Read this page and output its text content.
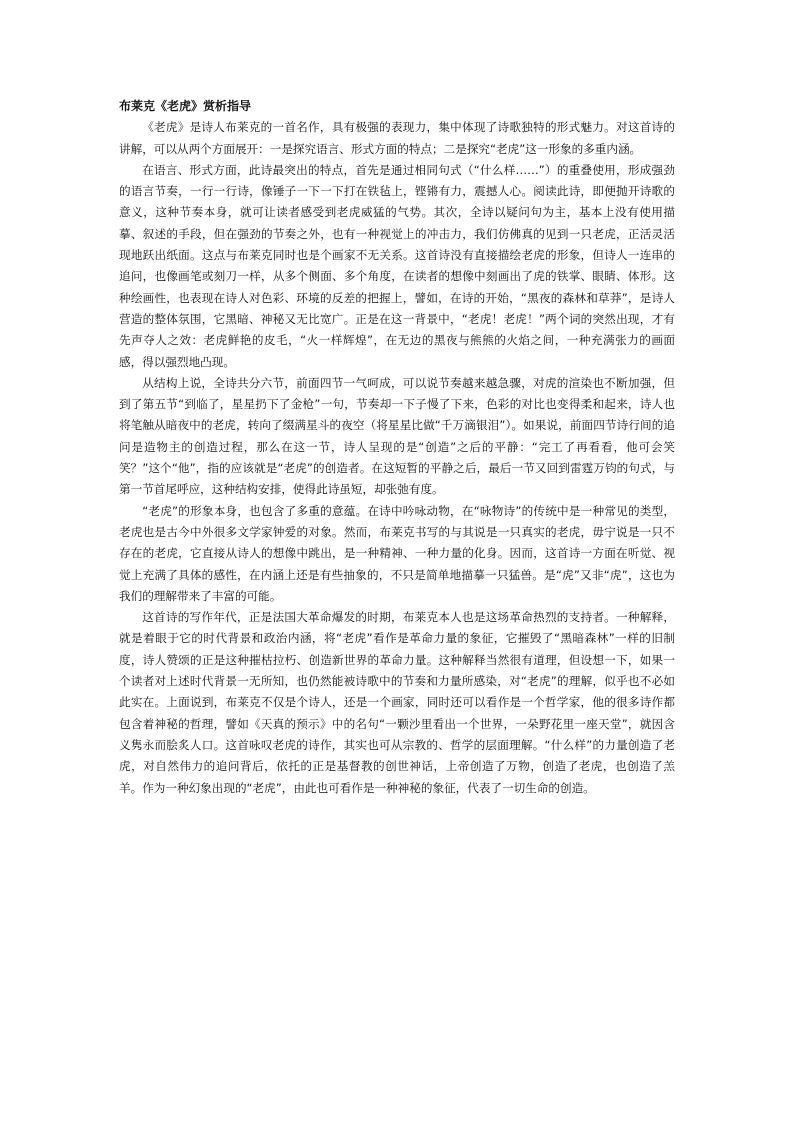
布莱克《老虎》赏析指导

《老虎》是诗人布莱克的一首名作，具有极强的表现力，集中体现了诗歌独特的形式魅力。对这首诗的讲解，可以从两个方面展开：一是探究语言、形式方面的特点；二是探究“老虎”这一形象的多重内涵。

在语言、形式方面，此诗最突出的特点，首先是通过相同句式（“什么样……”）的重叠使用，形成强劲的语言节奏，一行一行诗，像锤子一下一下打在铁毡上，铿锵有力，震撼人心。阅读此诗，即便抛开诗歌的意义，这种节奏本身，就可让读者感受到老虎威猛的气势。其次，全诗以疑问句为主，基本上没有使用描摹、叙述的手段，但在强劲的节奏之外，也有一种视觉上的冲击力，我们仿佛真的见到一只老虎，正活灵活现地跃出纸面。这点与布莱克同时也是个画家不无关系。这首诗没有直接描绘老虎的形象，但诗人一连串的追问，也像画笔或刻刀一样，从多个侧面、多个角度，在读者的想像中刻画出了虎的铁掌、眼睛、体形。这种绘画性，也表现在诗人对色彩、环境的反差的把握上，譬如，在诗的开始，“黑夜的森林和草莽”，是诗人营造的整体氛围，它黑暗、神秘又无比宽广。正是在这一背景中，“老虎！老虎！”两个词的突然出现，才有先声夺人之效：老虎鲜艳的皮毛，“火一样辉煌”，在无边的黑夜与熊熊的火焰之间，一种充满张力的画面感，得以强烈地凸现。

从结构上说，全诗共分六节，前面四节一气呵成，可以说节奏越来越急骤，对虎的渲染也不断加强，但到了第五节“到临了，星星扔下了金枪”一句，节奏却一下子慢了下来，色彩的对比也变得柔和起来，诗人也将笔触从暗夜中的老虎，转向了缀满星斗的夜空（将星星比做“千万滴银泪”）。如果说，前面四节诗行间的追问是造物主的创造过程，那么在这一节，诗人呈现的是“创造”之后的平静：“完工了再看看，他可会笑笑？”这个“他”，指的应该就是“老虎”的创造者。在这短暂的平静之后，最后一节又回到雷霆万钧的句式，与第一节首尾呼应，这种结构安排，使得此诗虽短，却张弛有度。

“老虎”的形象本身，也包含了多重的意蕴。在诗中吟咏动物，在“咏物诗”的传统中是一种常见的类型，老虎也是古今中外很多文学家钟爱的对象。然而，布莱克书写的与其说是一只真实的老虎，毋宁说是一只不存在的老虎，它直接从诗人的想像中跳出，是一种精神、一种力量的化身。因而，这首诗一方面在听觉、视觉上充满了具体的感性，在内涵上还是有些抽象的，不只是简单地描摹一只猛兽。是“虎”又非“虎”，这也为我们的理解带来了丰富的可能。

这首诗的写作年代，正是法国大革命爆发的时期，布莱克本人也是这场革命热烈的支持者。一种解释，就是着眼于它的时代背景和政治内涵，将“老虎”看作是革命力量的象征，它摧毁了“黑暗森林”一样的旧制度，诗人赞颂的正是这种摧枯拉朽、创造新世界的革命力量。这种解释当然很有道理，但设想一下，如果一个读者对上述时代背景一无所知，也仍然能被诗歌中的节奏和力量所感染，对“老虎”的理解，似乎也不必如此实在。上面说到，布莱克不仅是个诗人，还是一个画家，同时还可以看作是一个哲学家，他的很多诗作都包含着神秘的哲理，譬如《天真的预示》中的名句“一颗沙里看出一个世界，一朵野花里一座天堂”，就因含义隽永而脍炙人口。这首咏叹老虎的诗作，其实也可从宗教的、哲学的层面理解。“什么样”的力量创造了老虎，对自然伟力的追问背后，依托的正是基督教的创世神话，上帝创造了万物，创造了老虎，也创造了羔羊。作为一种幻象出现的“老虎”，由此也可看作是一种神秘的象征，代表了一切生命的创造。
